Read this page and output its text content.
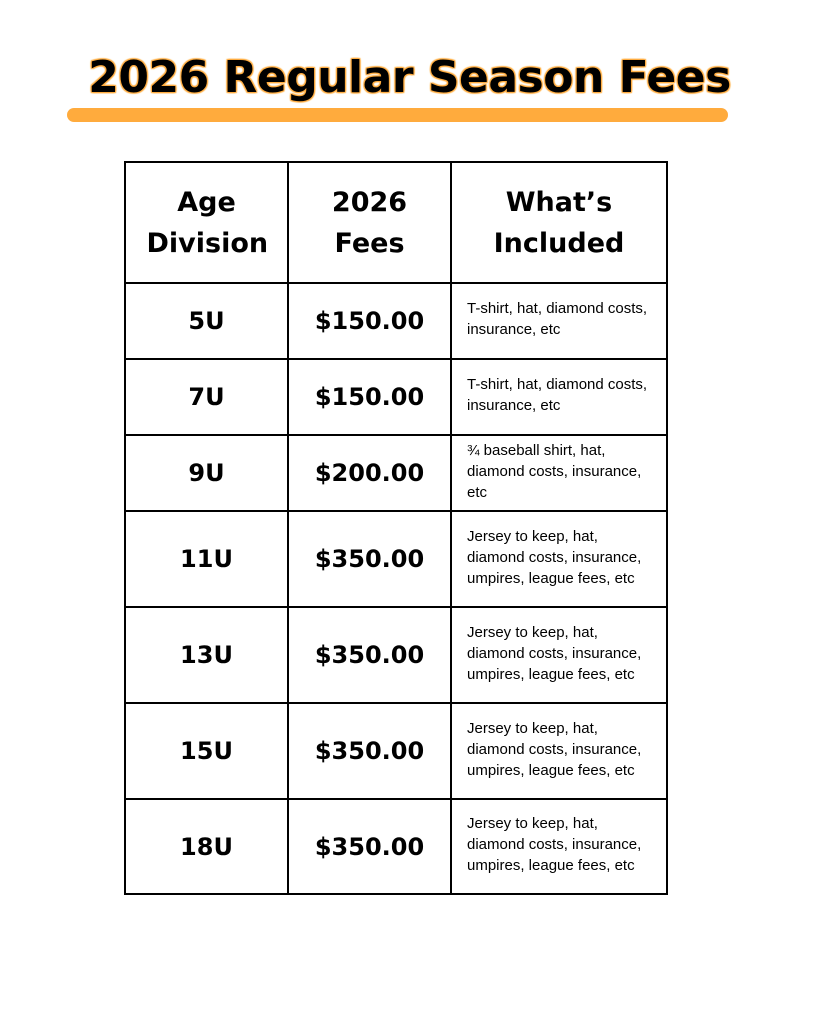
2026 Regular Season Fees
Age Division	2026 Fees	What’s Included

5U	$150.00	T-shirt, hat, diamond costs, insurance, etc
7U	$150.00	T-shirt, hat, diamond costs, insurance, etc
9U	$200.00	¾ baseball shirt, hat, diamond costs, insurance, etc
11U	$350.00	Jersey to keep, hat, diamond costs, insurance, umpires, league fees, etc
13U	$350.00	Jersey to keep, hat, diamond costs, insurance, umpires, league fees, etc
15U	$350.00	Jersey to keep, hat, diamond costs, insurance, umpires, league fees, etc
18U	$350.00	Jersey to keep, hat, diamond costs, insurance, umpires, league fees, etc
